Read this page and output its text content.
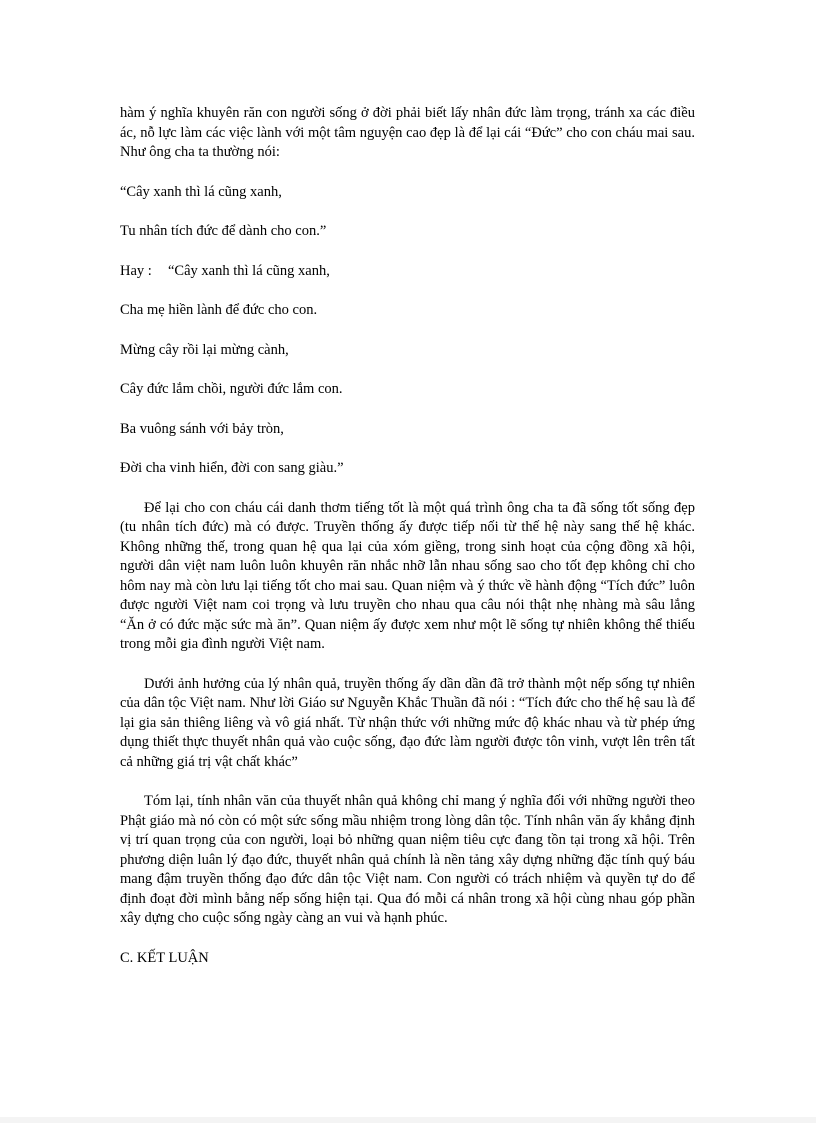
hàm ý nghĩa khuyên răn con người sống ở đời phải biết lấy nhân đức làm trọng, tránh xa các điều ác, nỗ lực làm các việc lành với một tâm nguyện cao đẹp là để lại cái “Đức” cho con cháu mai sau. Như ông cha ta thường nói:

“Cây xanh thì lá cũng xanh,

Tu nhân tích đức để dành cho con.”

Hay : “Cây xanh thì lá cũng xanh,

Cha mẹ hiền lành để đức cho con.

Mừng cây rồi lại mừng cành,

Cây đức lắm chồi, người đức lắm con.

Ba vuông sánh với bảy tròn,

Đời cha vinh hiển, đời con sang giàu.”

Để lại cho con cháu cái danh thơm tiếng tốt là một quá trình ông cha ta đã sống tốt sống đẹp (tu nhân tích đức) mà có được. Truyền thống ấy được tiếp nối từ thế hệ này sang thế hệ khác. Không những thế, trong quan hệ qua lại của xóm giềng, trong sinh hoạt của cộng đồng xã hội, người dân việt nam luôn luôn khuyên răn nhắc nhỡ lẫn nhau sống sao cho tốt đẹp không chỉ cho hôm nay mà còn lưu lại tiếng tốt cho mai sau. Quan niệm và ý thức về hành động “Tích đức” luôn được người Việt nam coi trọng và lưu truyền cho nhau qua câu nói thật nhẹ nhàng mà sâu lắng “Ăn ở có đức mặc sức mà ăn”. Quan niệm ấy được xem như một lẽ sống tự nhiên không thể thiếu trong mỗi gia đình người Việt nam.

Dưới ảnh hưởng của lý nhân quả, truyền thống ấy dần dần đã trở thành một nếp sống tự nhiên của dân tộc Việt nam. Như lời Giáo sư Nguyễn Khắc Thuần đã nói : “Tích đức cho thế hệ sau là để lại gia sản thiêng liêng và vô giá nhất. Từ nhận thức với những mức độ khác nhau và từ phép ứng dụng thiết thực thuyết nhân quả vào cuộc sống, đạo đức làm người được tôn vinh, vượt lên trên tất cả những giá trị vật chất khác”

Tóm lại, tính nhân văn của thuyết nhân quả không chỉ mang ý nghĩa đối với những người theo Phật giáo mà nó còn có một sức sống mầu nhiệm trong lòng dân tộc. Tính nhân văn ấy khẳng định vị trí quan trọng của con người, loại bỏ những quan niệm tiêu cực đang tồn tại trong xã hội. Trên phương diện luân lý đạo đức, thuyết nhân quả chính là nền tảng xây dựng những đặc tính quý báu mang đậm truyền thống đạo đức dân tộc Việt nam. Con người có trách nhiệm và quyền tự do để định đoạt đời mình bằng nếp sống hiện tại. Qua đó mỗi cá nhân trong xã hội cùng nhau góp phần xây dựng cho cuộc sống ngày càng an vui và hạnh phúc.

C. KẾT LUẬN
